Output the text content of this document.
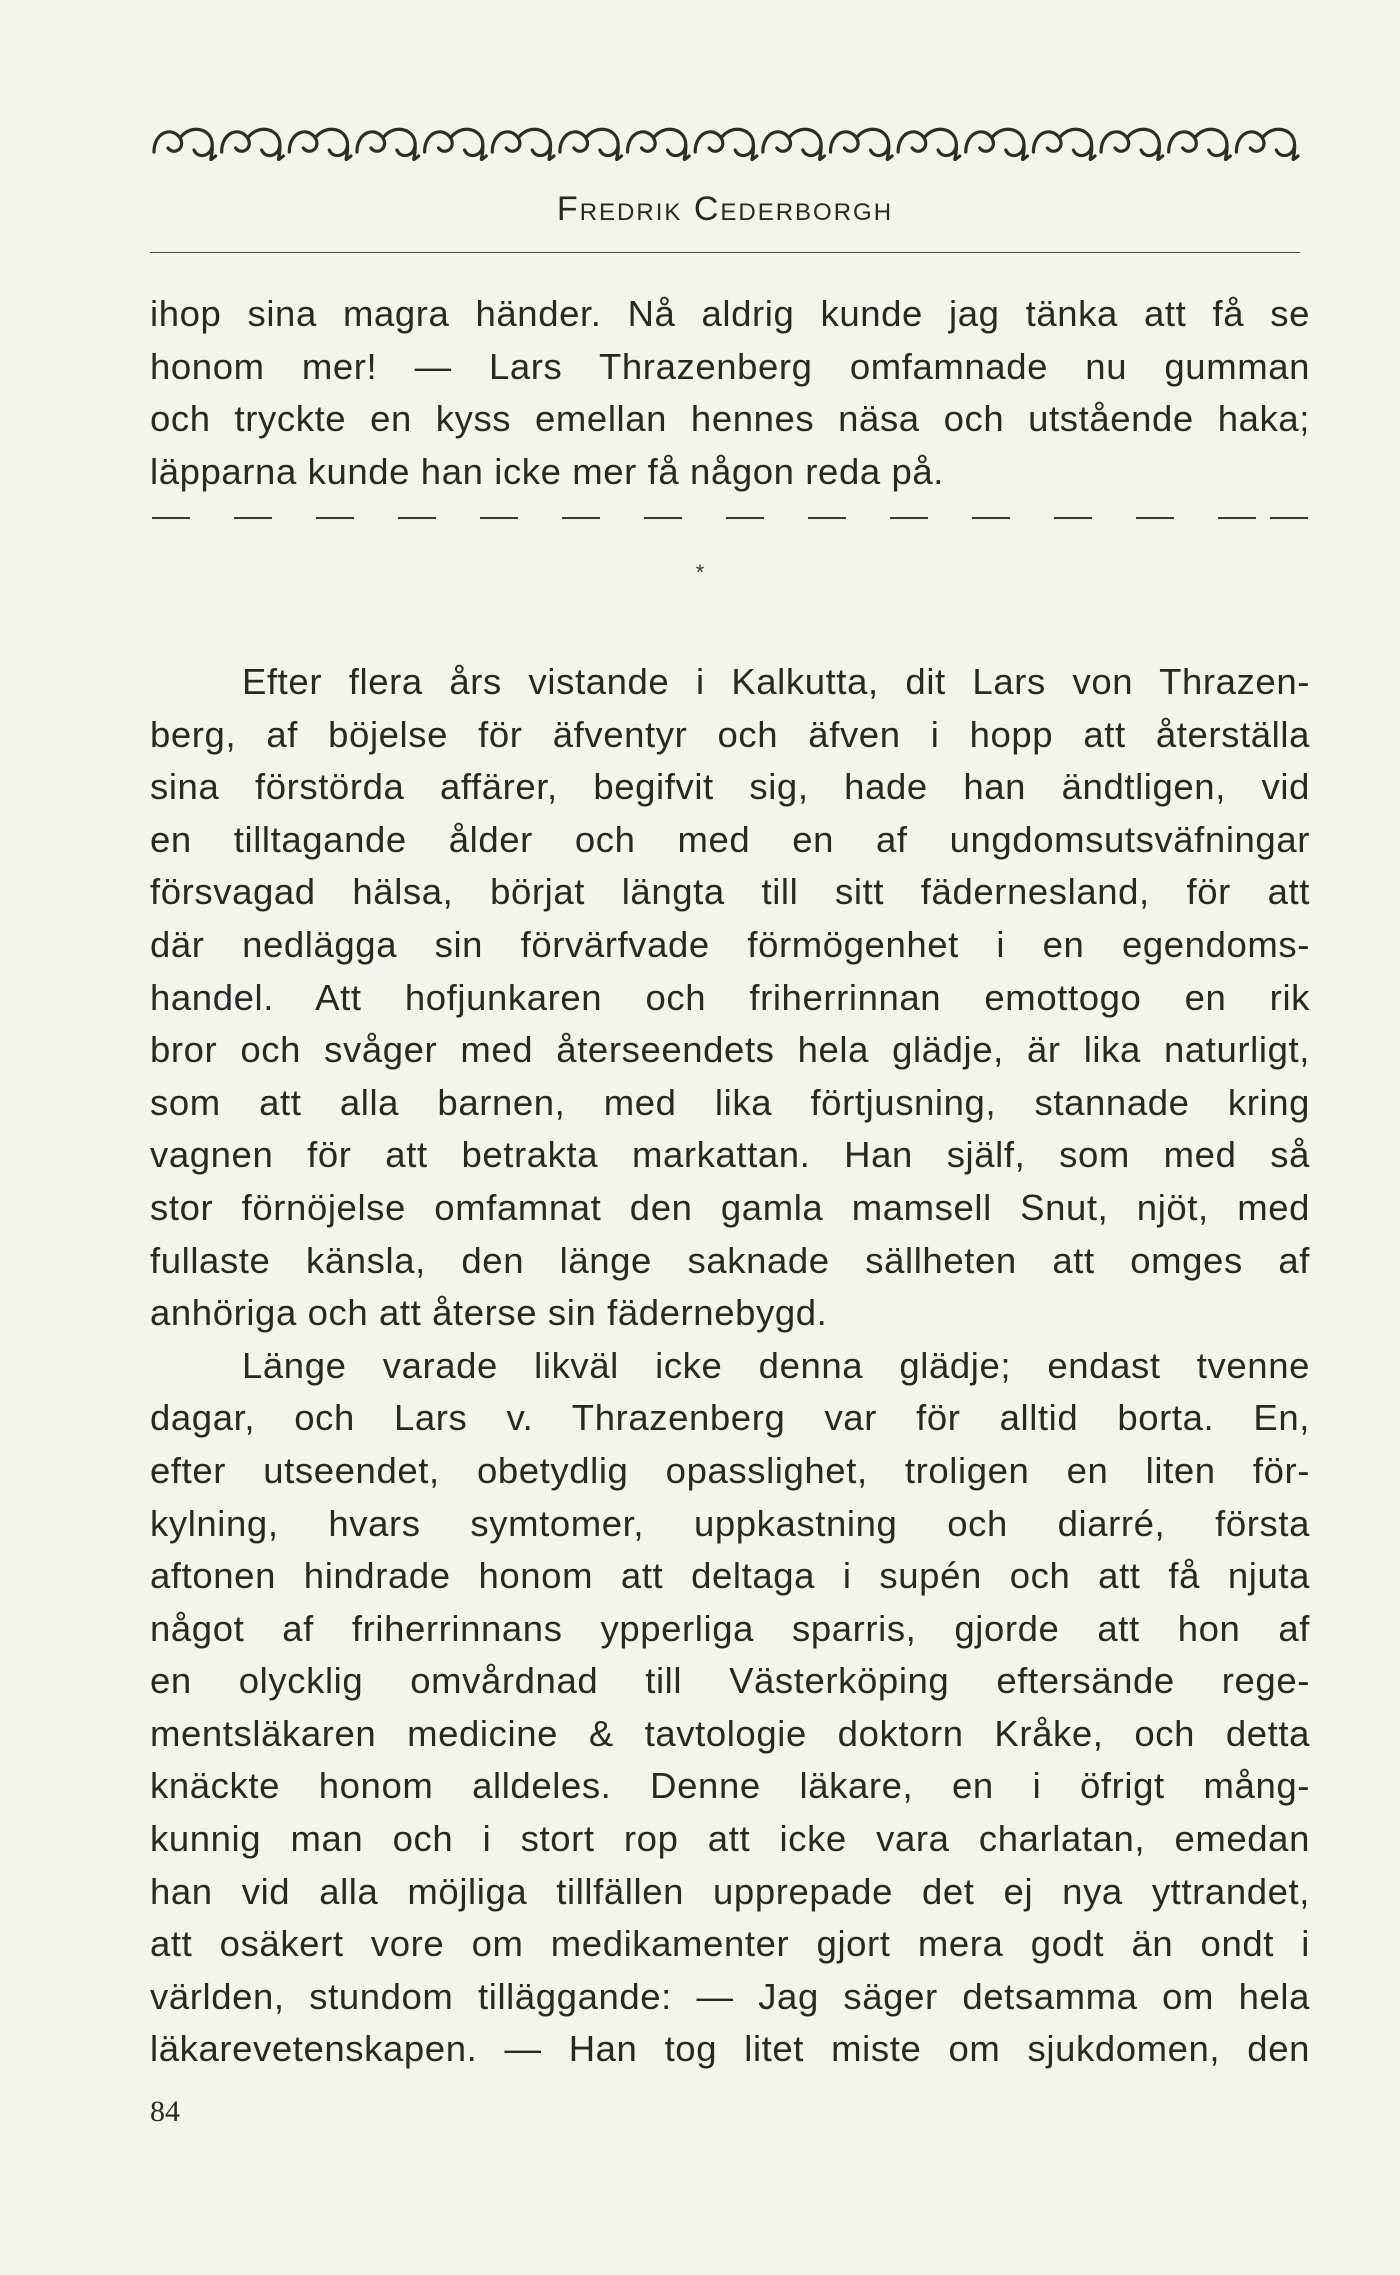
Fredrik Cederborgh
ihop sina magra händer. Nå aldrig kunde jag tänka att få se
honom mer! — Lars Thrazenberg omfamnade nu gumman
och tryckte en kyss emellan hennes näsa och utstående haka;
läpparna kunde han icke mer få någon reda på.
*
Efter flera års vistande i Kalkutta, dit Lars von Thrazen-
berg, af böjelse för äfventyr och äfven i hopp att återställa
sina förstörda affärer, begifvit sig, hade han ändtligen, vid
en tilltagande ålder och med en af ungdomsutsväfningar
försvagad hälsa, börjat längta till sitt fädernesland, för att
där nedlägga sin förvärfvade förmögenhet i en egendoms-
handel. Att hofjunkaren och friherrinnan emottogo en rik
bror och svåger med återseendets hela glädje, är lika naturligt,
som att alla barnen, med lika förtjusning, stannade kring
vagnen för att betrakta markattan. Han själf, som med så
stor förnöjelse omfamnat den gamla mamsell Snut, njöt, med
fullaste känsla, den länge saknade sällheten att omges af
anhöriga och att återse sin fädernebygd.
Länge varade likväl icke denna glädje; endast tvenne
dagar, och Lars v. Thrazenberg var för alltid borta. En,
efter utseendet, obetydlig opasslighet, troligen en liten för-
kylning, hvars symtomer, uppkastning och diarré, första
aftonen hindrade honom att deltaga i supén och att få njuta
något af friherrinnans ypperliga sparris, gjorde att hon af
en olycklig omvårdnad till Västerköping eftersände rege-
mentsläkaren medicine & tavtologie doktorn Kråke, och detta
knäckte honom alldeles. Denne läkare, en i öfrigt mång-
kunnig man och i stort rop att icke vara charlatan, emedan
han vid alla möjliga tillfällen upprepade det ej nya yttrandet,
att osäkert vore om medikamenter gjort mera godt än ondt i
världen, stundom tilläggande: — Jag säger detsamma om hela
läkarevetenskapen. — Han tog litet miste om sjukdomen, den
84
